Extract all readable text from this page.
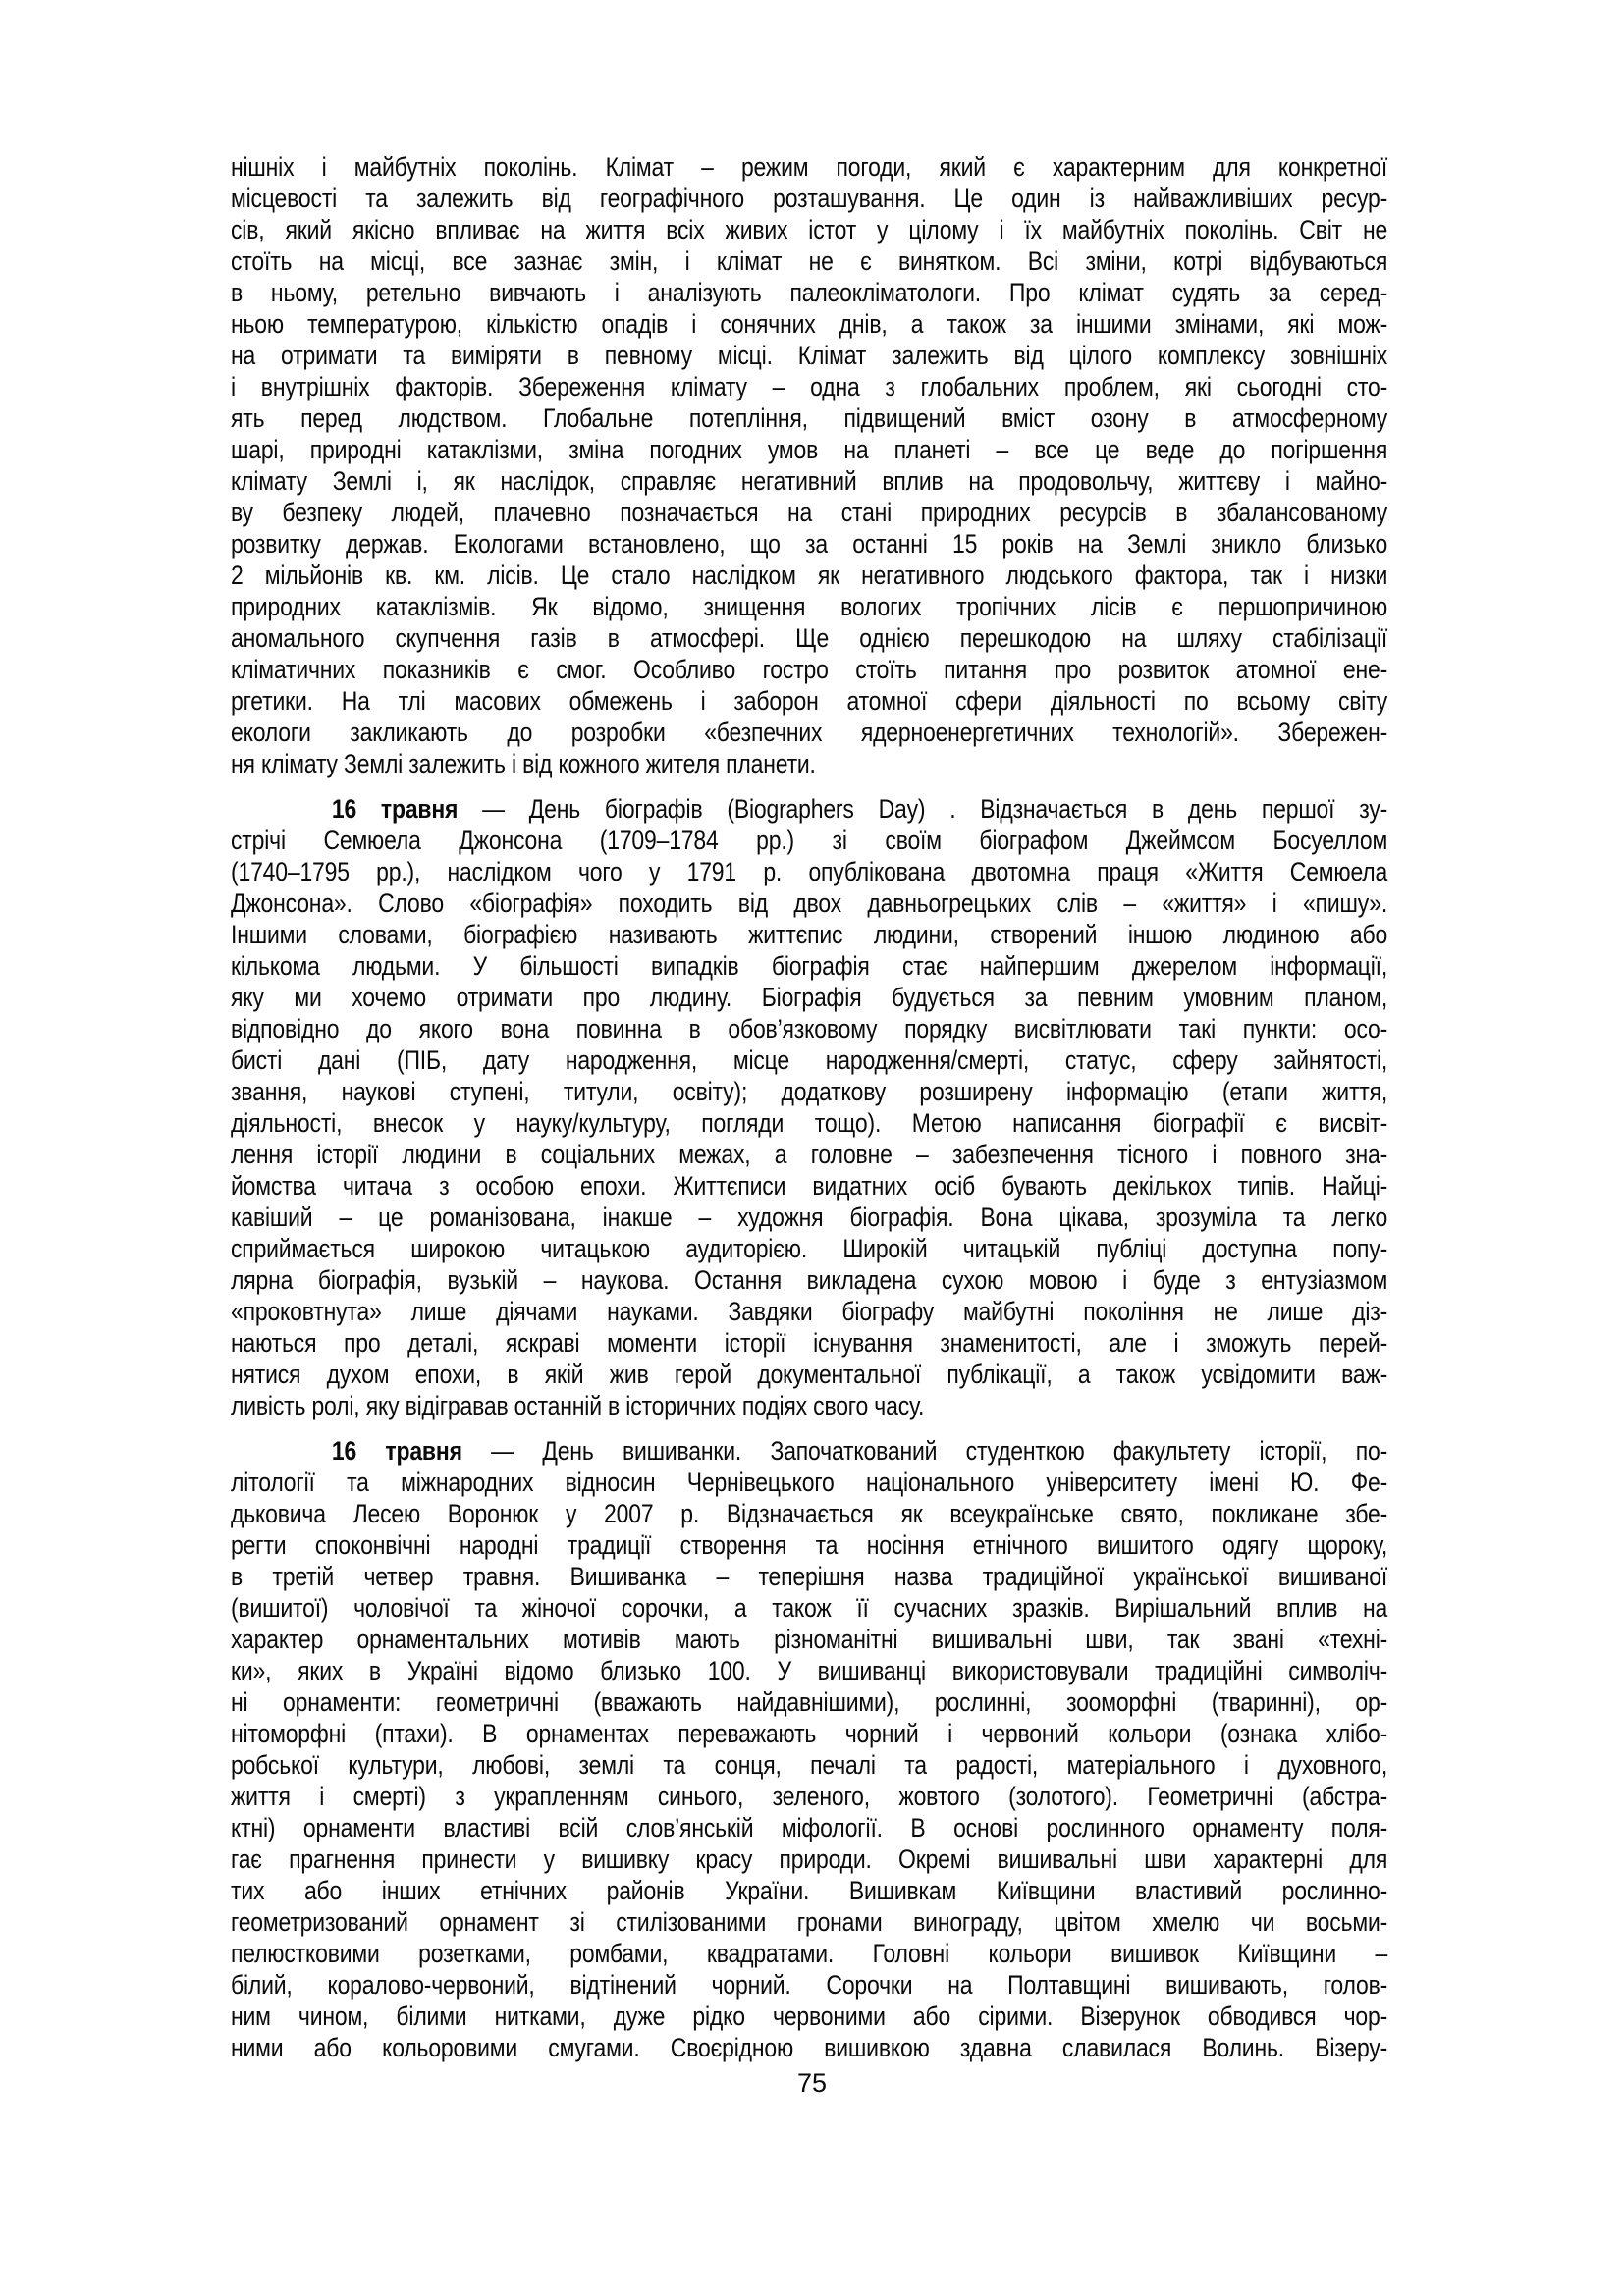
нішніх і майбутніх поколінь. Клімат – режим погоди, який є характерним для конкретної
місцевості та залежить від географічного розташування. Це один із найважливіших ресур-
сів, який якісно впливає на життя всіх живих істот у цілому і їх майбутніх поколінь. Світ не
стоїть на місці, все зазнає змін, і клімат не є винятком. Всі зміни, котрі відбуваються
в ньому, ретельно вивчають і аналізують палеокліматологи. Про клімат судять за серед-
ньою температурою, кількістю опадів і сонячних днів, а також за іншими змінами, які мож-
на отримати та виміряти в певному місці. Клімат залежить від цілого комплексу зовнішніх
і внутрішніх факторів. Збереження клімату – одна з глобальних проблем, які сьогодні сто-
ять перед людством. Глобальне потепління, підвищений вміст озону в атмосферному
шарі, природні катаклізми, зміна погодних умов на планеті – все це веде до погіршення
клімату Землі і, як наслідок, справляє негативний вплив на продовольчу, життєву і майно-
ву безпеку людей, плачевно позначається на стані природних ресурсів в збалансованому
розвитку держав. Екологами встановлено, що за останні 15 років на Землі зникло близько
2 мільйонів кв. км. лісів. Це стало наслідком як негативного людського фактора, так і низки
природних катаклізмів. Як відомо, знищення вологих тропічних лісів є першопричиною
аномального скупчення газів в атмосфері. Ще однією перешкодою на шляху стабілізації
кліматичних показників є смог. Особливо гостро стоїть питання про розвиток атомної ене-
ргетики. На тлі масових обмежень і заборон атомної сфери діяльності по всьому світу
екологи закликають до розробки «безпечних ядерноенергетичних технологій». Збережен-
ня клімату Землі залежить і від кожного жителя планети.
16 травня — День біографів (Biographers Day) . Відзначається в день першої зу-
стрічі Семюела Джонсона (1709–1784 рр.) зі своїм біографом Джеймсом Босуеллом
(1740–1795 рр.), наслідком чого у 1791 р. опублікована двотомна праця «Життя Семюела
Джонсона». Слово «біографія» походить від двох давньогрецьких слів – «життя» і «пишу».
Іншими словами, біографією називають життєпис людини, створений іншою людиною або
кількома людьми. У більшості випадків біографія стає найпершим джерелом інформації,
яку ми хочемо отримати про людину. Біографія будується за певним умовним планом,
відповідно до якого вона повинна в обов’язковому порядку висвітлювати такі пункти: осо-
бисті дані (ПІБ, дату народження, місце народження/смерті, статус, сферу зайнятості,
звання, наукові ступені, титули, освіту); додаткову розширену інформацію (етапи життя,
діяльності, внесок у науку/культуру, погляди тощо). Метою написання біографії є висвіт-
лення історії людини в соціальних межах, а головне – забезпечення тісного і повного зна-
йомства читача з особою епохи. Життєписи видатних осіб бувають декількох типів. Найці-
кавіший – це романізована, інакше – художня біографія. Вона цікава, зрозуміла та легко
сприймається широкою читацькою аудиторією. Широкій читацькій публіці доступна попу-
лярна біографія, вузькій – наукова. Остання викладена сухою мовою і буде з ентузіазмом
«проковтнута» лише діячами науками. Завдяки біографу майбутні покоління не лише діз-
наються про деталі, яскраві моменти історії існування знаменитості, але і зможуть перей-
нятися духом епохи, в якій жив герой документальної публікації, а також усвідомити важ-
ливість ролі, яку відігравав останній в історичних подіях свого часу.
16 травня — День вишиванки. Започаткований студенткою факультету історії, по-
літології та міжнародних відносин Чернівецького національного університету імені Ю. Фе-
дьковича Лесею Воронюк у 2007 р. Відзначається як всеукраїнське свято, покликане збе-
регти споконвічні народні традиції створення та носіння етнічного вишитого одягу щороку,
в третій четвер травня. Вишиванка – теперішня назва традиційної української вишиваної
(вишитої) чоловічої та жіночої сорочки, а також її сучасних зразків. Вирішальний вплив на
характер орнаментальних мотивів мають різноманітні вишивальні шви, так звані «техні-
ки», яких в Україні відомо близько 100. У вишиванці використовували традиційні символіч-
ні орнаменти: геометричні (вважають найдавнішими), рослинні, зооморфні (тваринні), ор-
нітоморфні (птахи). В орнаментах переважають чорний і червоний кольори (ознака хлібо-
робської культури, любові, землі та сонця, печалі та радості, матеріального і духовного,
життя і смерті) з украпленням синього, зеленого, жовтого (золотого). Геометричні (абстра-
ктні) орнаменти властиві всій слов’янській міфології. В основі рослинного орнаменту поля-
гає прагнення принести у вишивку красу природи. Окремі вишивальні шви характерні для
тих або інших етнічних районів України. Вишивкам Київщини властивий рослинно-
геометризований орнамент зі стилізованими гронами винограду, цвітом хмелю чи восьми-
пелюстковими розетками, ромбами, квадратами. Головні кольори вишивок Київщини –
білий, коралово-червоний, відтінений чорний. Сорочки на Полтавщині вишивають, голов-
ним чином, білими нитками, дуже рідко червоними або сірими. Візерунок обводився чор-
ними або кольоровими смугами. Своєрідною вишивкою здавна славилася Волинь. Візеру-
75
